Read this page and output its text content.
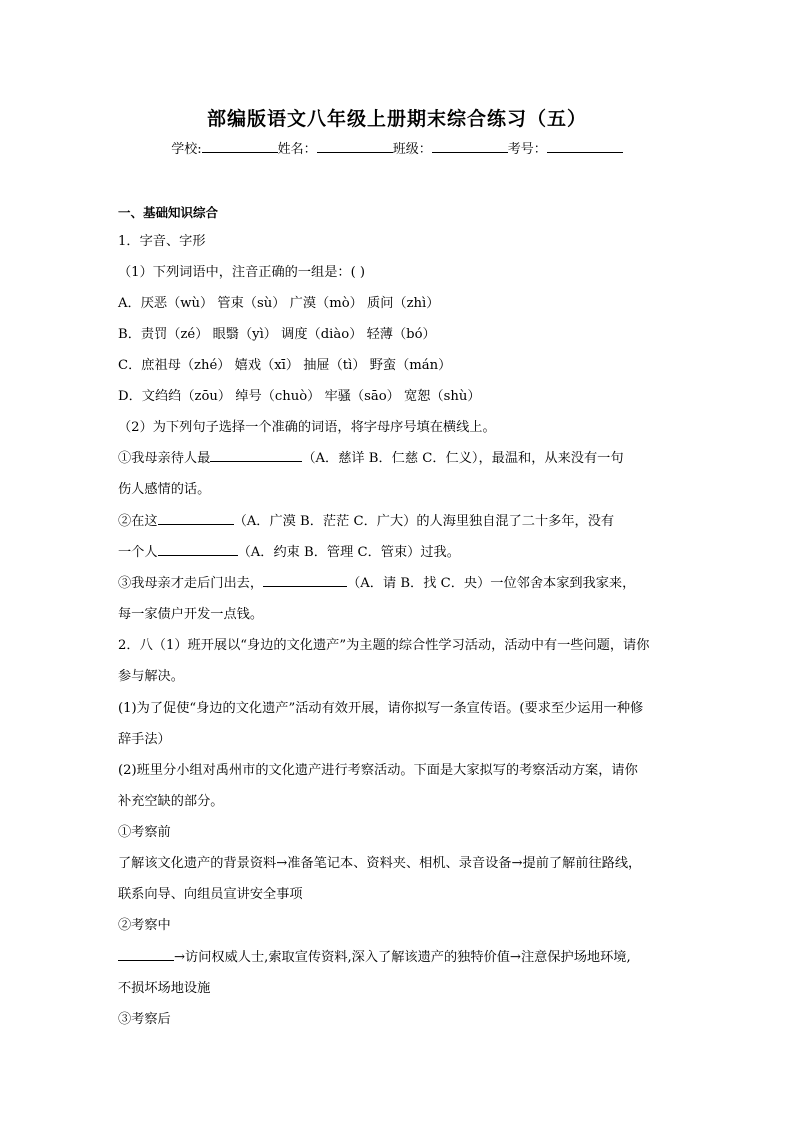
部编版语文八年级上册期末综合练习（五）
学校:	姓名：	班级：	考号：
一、基础知识综合
1．字音、字形
（1）下列词语中，注音正确的一组是：( )
A．厌恶（wù） 管束（sù） 广漠（mò） 质问（zhì）
B．责罚（zé） 眼翳（yì） 调度（diào） 轻薄（bó）
C．庶祖母（zhé） 嬉戏（xī） 抽屉（tì） 野蛮（mán）
D．文绉绉（zōu） 绰号（chuò） 牢骚（sāo） 宽恕（shù）
（2）为下列句子选择一个准确的词语，将字母序号填在横线上。
①我母亲待人最	（A．慈详 B．仁慈 C．仁义），最温和，从来没有一句
伤人感情的话。
②在这	（A．广漠 B．茫茫 C．广大）的人海里独自混了二十多年，没有
一个人	（A．约束 B．管理 C．管束）过我。
③我母亲才走后门出去，	（A．请 B．找 C．央）一位邻舍本家到我家来，
每一家债户开发一点钱。
2．八（1）班开展以“身边的文化遗产”为主题的综合性学习活动，活动中有一些问题，请你
参与解决。
(1)为了促使“身边的文化遗产”活动有效开展，请你拟写一条宣传语。(要求至少运用一种修
辞手法）
(2)班里分小组对禹州市的文化遗产进行考察活动。下面是大家拟写的考察活动方案，请你
补充空缺的部分。
①考察前
了解该文化遗产的背景资料→准备笔记本、资料夹、相机、录音设备→提前了解前往路线，
联系向导、向组员宣讲安全事项
②考察中
→访问权威人士,索取宣传资料,深入了解该遗产的独特价值→注意保护场地环境,
不损坏场地设施
③考察后
